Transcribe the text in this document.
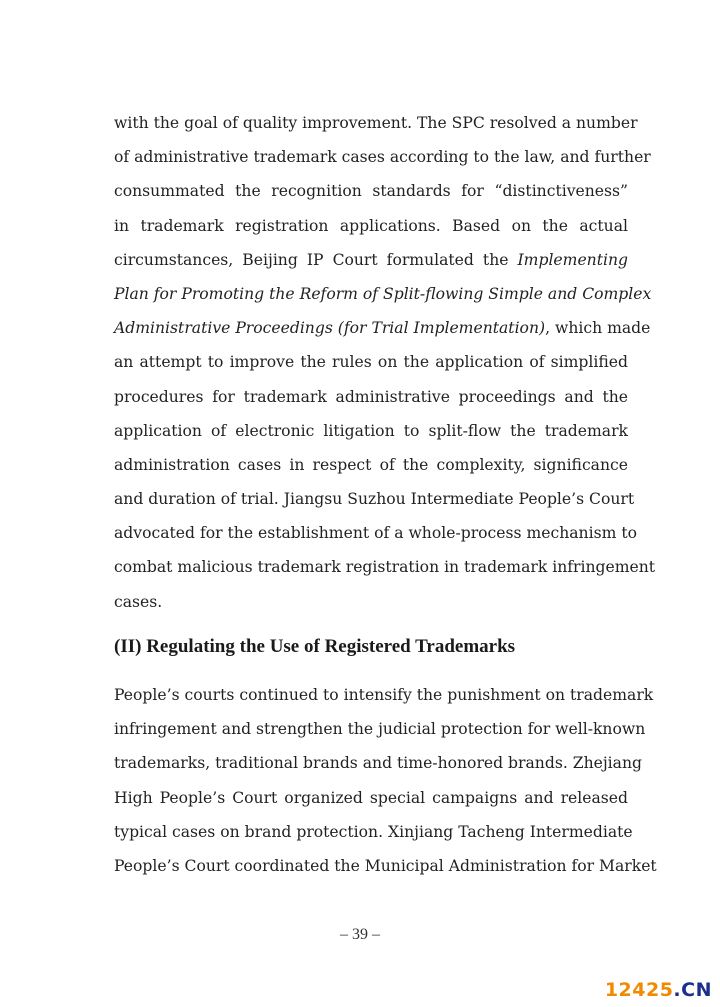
with the goal of quality improvement. The SPC resolved a number
of administrative trademark cases according to the law, and further
consummated the recognition standards for “distinctiveness”
in trademark registration applications. Based on the actual
circumstances, Beijing IP Court formulated the Implementing
Plan for Promoting the Reform of Split-flowing Simple and Complex
Administrative Proceedings (for Trial Implementation), which made
an attempt to improve the rules on the application of simplified
procedures for trademark administrative proceedings and the
application of electronic litigation to split-flow the trademark
administration cases in respect of the complexity, significance
and duration of trial. Jiangsu Suzhou Intermediate People’s Court
advocated for the establishment of a whole-process mechanism to
combat malicious trademark registration in trademark infringement
cases.
(II) Regulating the Use of Registered Trademarks
People’s courts continued to intensify the punishment on trademark
infringement and strengthen the judicial protection for well-known
trademarks, traditional brands and time-honored brands. Zhejiang
High People’s Court organized special campaigns and released
typical cases on brand protection. Xinjiang Tacheng Intermediate
People’s Court coordinated the Municipal Administration for Market
– 39 –
12425.CN
